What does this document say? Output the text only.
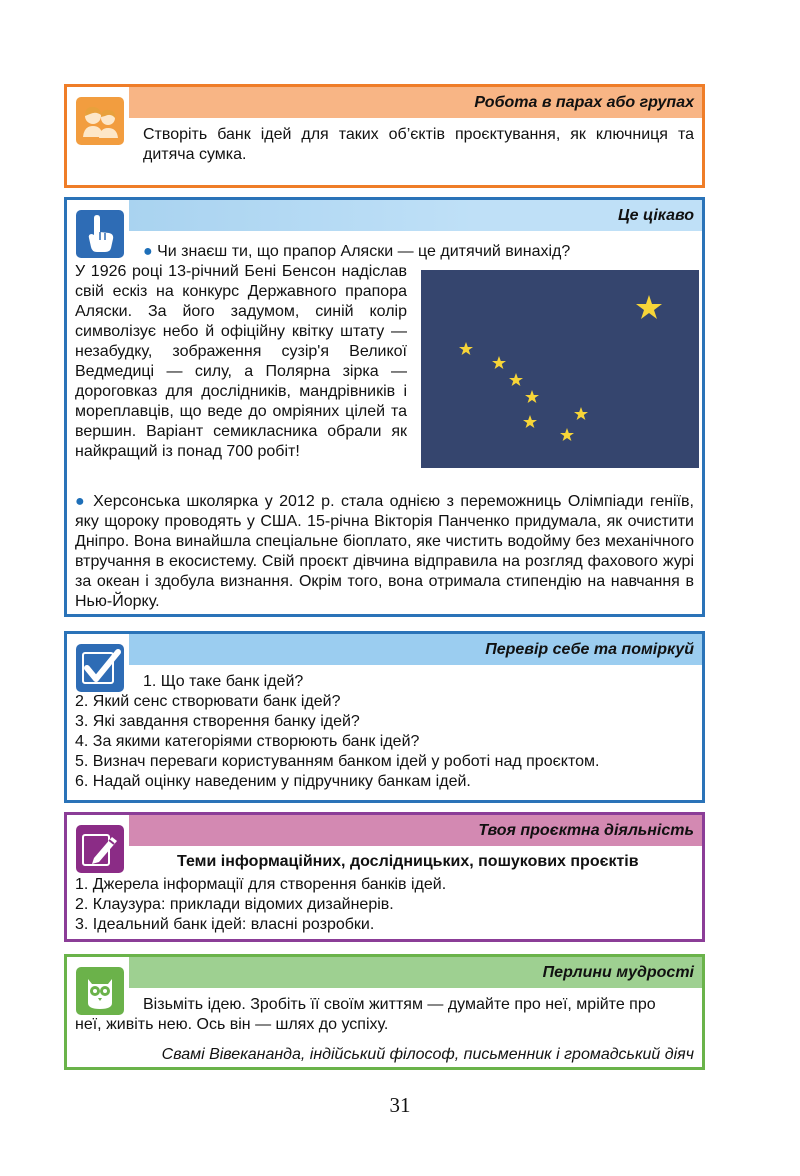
Робота в парах або групах
Створіть банк ідей для таких об’єктів проєктування, як ключниця та дитяча сумка.
Це цікаво
● Чи знаєш ти, що прапор Аляски — це дитячий винахід?
У 1926 році 13-річний Бені Бенсон надіслав свій ескіз на конкурс Державного прапора Аляски. За його задумом, синій колір символізує небо й офіційну квітку штату — незабудку, зображення сузір'я Великої Ведмедиці — силу, а Полярна зірка — дороговказ для дослідників, мандрівників і мореплавців, що веде до омріяних цілей та вершин. Варіант семикласника обрали як найкращий із понад 700 робіт!
● Херсонська школярка у 2012 р. стала однією з переможниць Олімпіади геніїв, яку щороку проводять у США. 15-річна Вікторія Панченко придумала, як очистити Дніпро. Вона винайшла спеціальне біоплато, яке чистить водойму без механічного втручання в екосистему. Свій проєкт дівчина відправила на розгляд фахового журі за океан і здобула визнання. Окрім того, вона отримала стипендію на навчання в Нью-Йорку.
Перевір себе та поміркуй
1. Що таке банк ідей?
2. Який сенс створювати банк ідей?
3. Які завдання створення банку ідей?
4. За якими категоріями створюють банк ідей?
5. Визнач переваги користуванням банком ідей у роботі над проєктом.
6. Надай оцінку наведеним у підручнику банкам ідей.
Твоя проєктна діяльність
Теми інформаційних, дослідницьких, пошукових проєктів
1. Джерела інформації для створення банків ідей.
2. Клаузура: приклади відомих дизайнерів.
3. Ідеальний банк ідей: власні розробки.
Перлини мудрості
Візьміть ідею. Зробіть її своїм життям — думайте про неї, мрійте про
неї, живіть нею. Ось він — шлях до успіху.
Свамі Вівекананда, індійський філософ, письменник і громадський діяч
31
